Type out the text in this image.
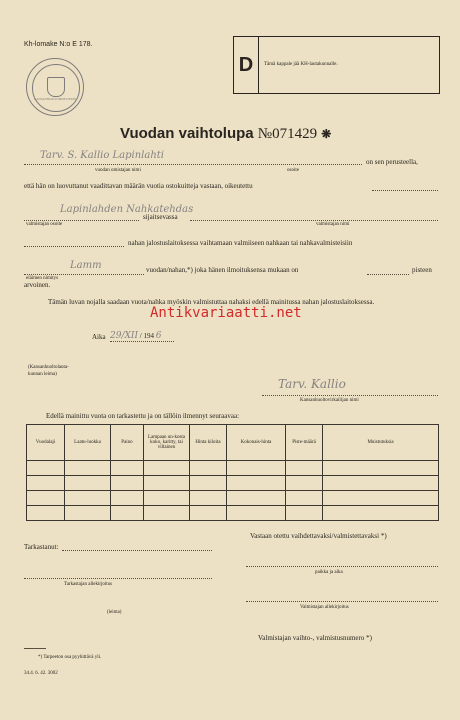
Kh-lomake N:o E 178.
KANSANHUOLTOMINISTERIÖ
D Tämä kappale jää KH-lautakunnalle.
Vuodan vaihtolupa №071429 ❋
Tarv. S. Kallio Lapinlahti
on sen perusteella,
vuodan omistajan nimi	osoite
että hän on luovuttanut vaadittavan määrän vuotia ostokuitteja vastaan, oikeutettu
Lapinlahden Nahkatehdas
sijaitsevassa
valmistajan osoite	valmistajan nimi
nahan jalostuslaitoksessa vaihtamaan valmiiseen nahkaan tai nahkavalmisteisiin
Lamm
eläimen nimitys
vuodan/nahan,*) joka hänen ilmoituksensa mukaan on	pisteen
arvoinen.
Tämän luvan nojalla saadaan vuota/nahka myöskin valmistuttaa nahaksi edellä mainitussa nahan jalostuslaitoksessa.
Antikvariaatti.net
Aika 29/XII / 194 6
(Kansanhuoltolauta-kunnan leima)
Tarv. Kallio
Kansanhuoltovirkailijan nimi
Edellä mainittu vuota on tarkastettu ja on tällöin ilmennyt seuraavaa:
Vuodalaji	Laatu-luokka	Paino	Lampaan un-kosta koko, karitty, tai villainen	Hinta kiloita	Kokonais-hinta	Piste-määrä	Muistutuksia

Tarkastanut:
Vastaan otettu vaihdettavaksi/valmistettavaksi *)
paikka ja aika
Tarkastajan allekirjoitus
Valmistajan allekirjoitus
(leima)
Valmistajan vaihto-, valmistusnumero *)
*) Tarpeeton osa pyyhittävä yli.
34.4. 6. 42. 3002
